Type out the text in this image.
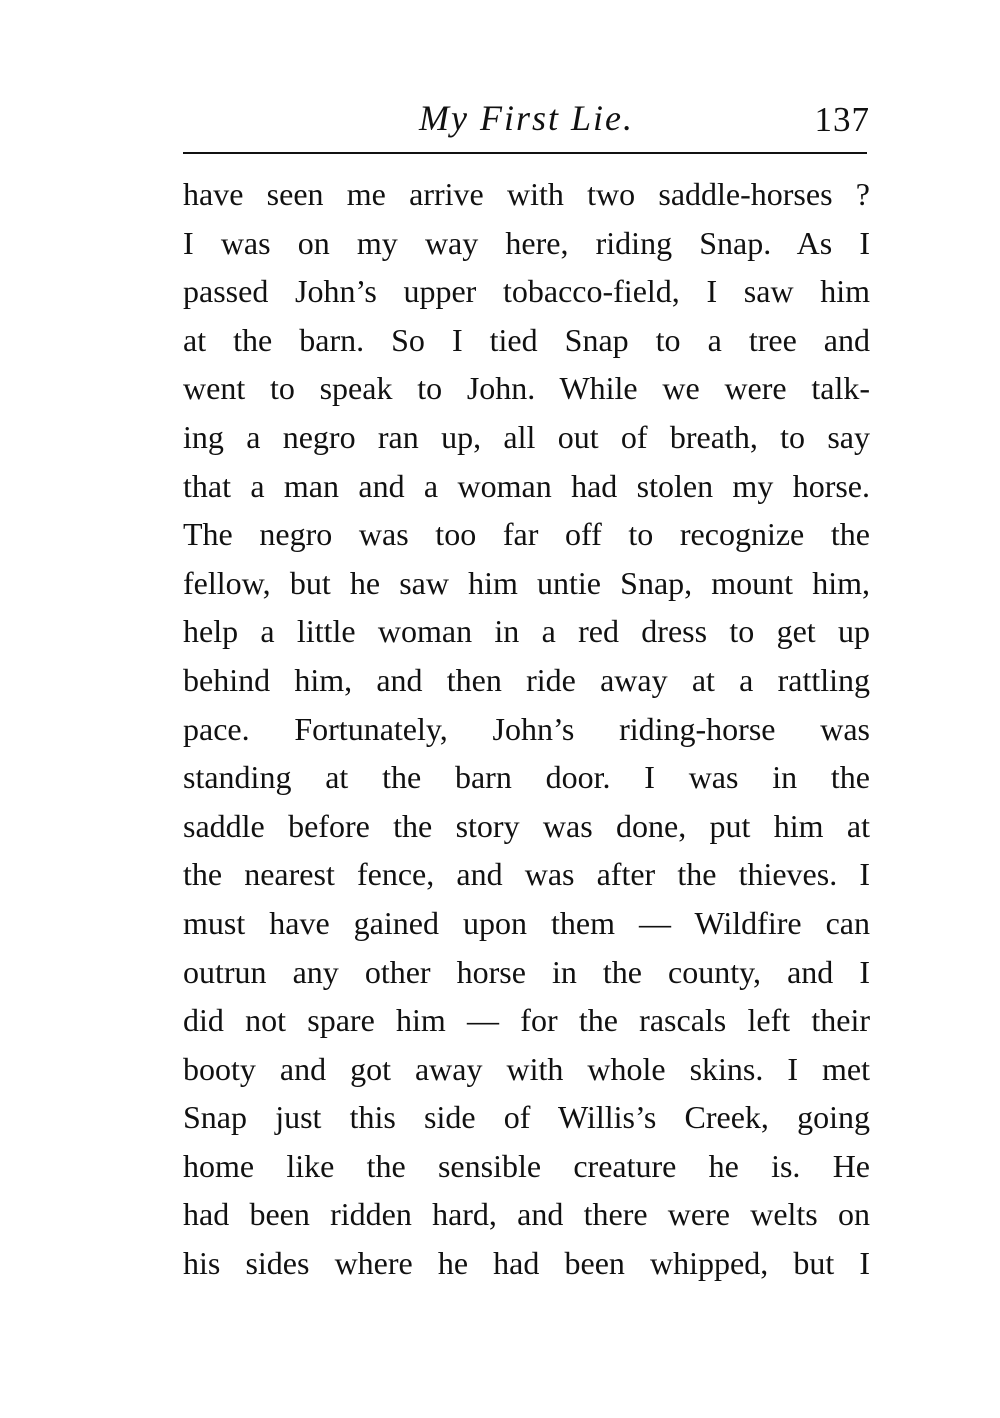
My First Lie.	137
have seen me arrive with two saddle-horses ?
I was on my way here, riding Snap. As I
passed John’s upper tobacco-field, I saw him
at the barn. So I tied Snap to a tree and
went to speak to John. While we were talk-
ing a negro ran up, all out of breath, to say
that a man and a woman had stolen my horse.
The negro was too far off to recognize the
fellow, but he saw him untie Snap, mount him,
help a little woman in a red dress to get up
behind him, and then ride away at a rattling
pace. Fortunately, John’s riding-horse was
standing at the barn door. I was in the
saddle before the story was done, put him at
the nearest fence, and was after the thieves. I
must have gained upon them — Wildfire can
outrun any other horse in the county, and I
did not spare him — for the rascals left their
booty and got away with whole skins. I met
Snap just this side of Willis’s Creek, going
home like the sensible creature he is. He
had been ridden hard, and there were welts on
his sides where he had been whipped, but I
